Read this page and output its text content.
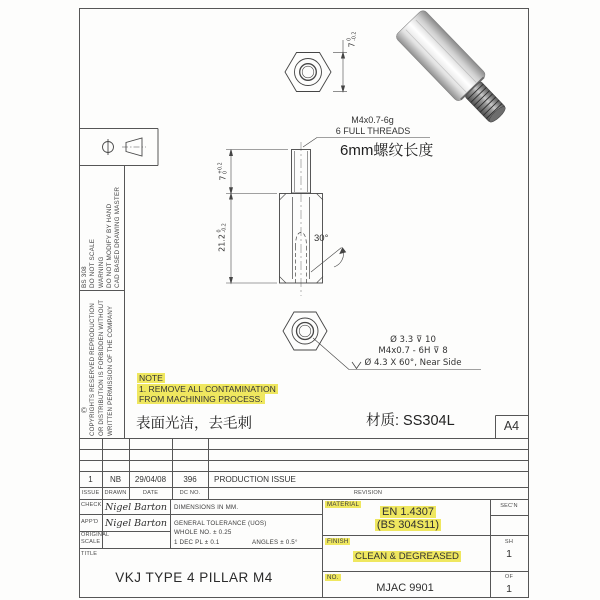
BS 308 DO NOT SCALE WARNING DO NOT MODIFY BY HAND CAD BASED DRAWING MASTER
COPYRIGHTS RESERVED REPRODUCTION OR DISTRIBUTION IS FORBIDDEN WITHOUT WRITTEN PERMISSION OF THE COMPANY
©
7
0 -0.2
7
+0.2 0
21.2
0 -0.2
30°
M4x0.7-6g
6 FULL THREADS
6mm螺纹长度
Ø 3.3 ⊽ 10
M4x0.7 - 6H ⊽ 8
Ø 4.3 X 60°, Near Side
NOTE
1. REMOVE ALL CONTAMINATION
FROM MACHINING PROCESS.
表面光洁，去毛刺	材质: SS304L	A4
1	NB	29/04/08	396	PRODUCTION ISSUE
ISSUE DRAWN	DATE	DC NO.	REVISION
CHECK Nigel Barton
APP'D Nigel Barton
ORIGINAL SCALE
DIMENSIONS IN MM.
GENERAL TOLERANCE (UOS)
WHOLE NO. ± 0.25
1 DEC PL ± 0.1	ANGLES ± 0.5°
MATERIAL
EN 1.4307
(BS 304S11)
SEC'N
FINISH
CLEAN & DEGREASED
SH
1
TITLE
VKJ TYPE 4 PILLAR M4	NO.
MJAC 9901
OF
1
